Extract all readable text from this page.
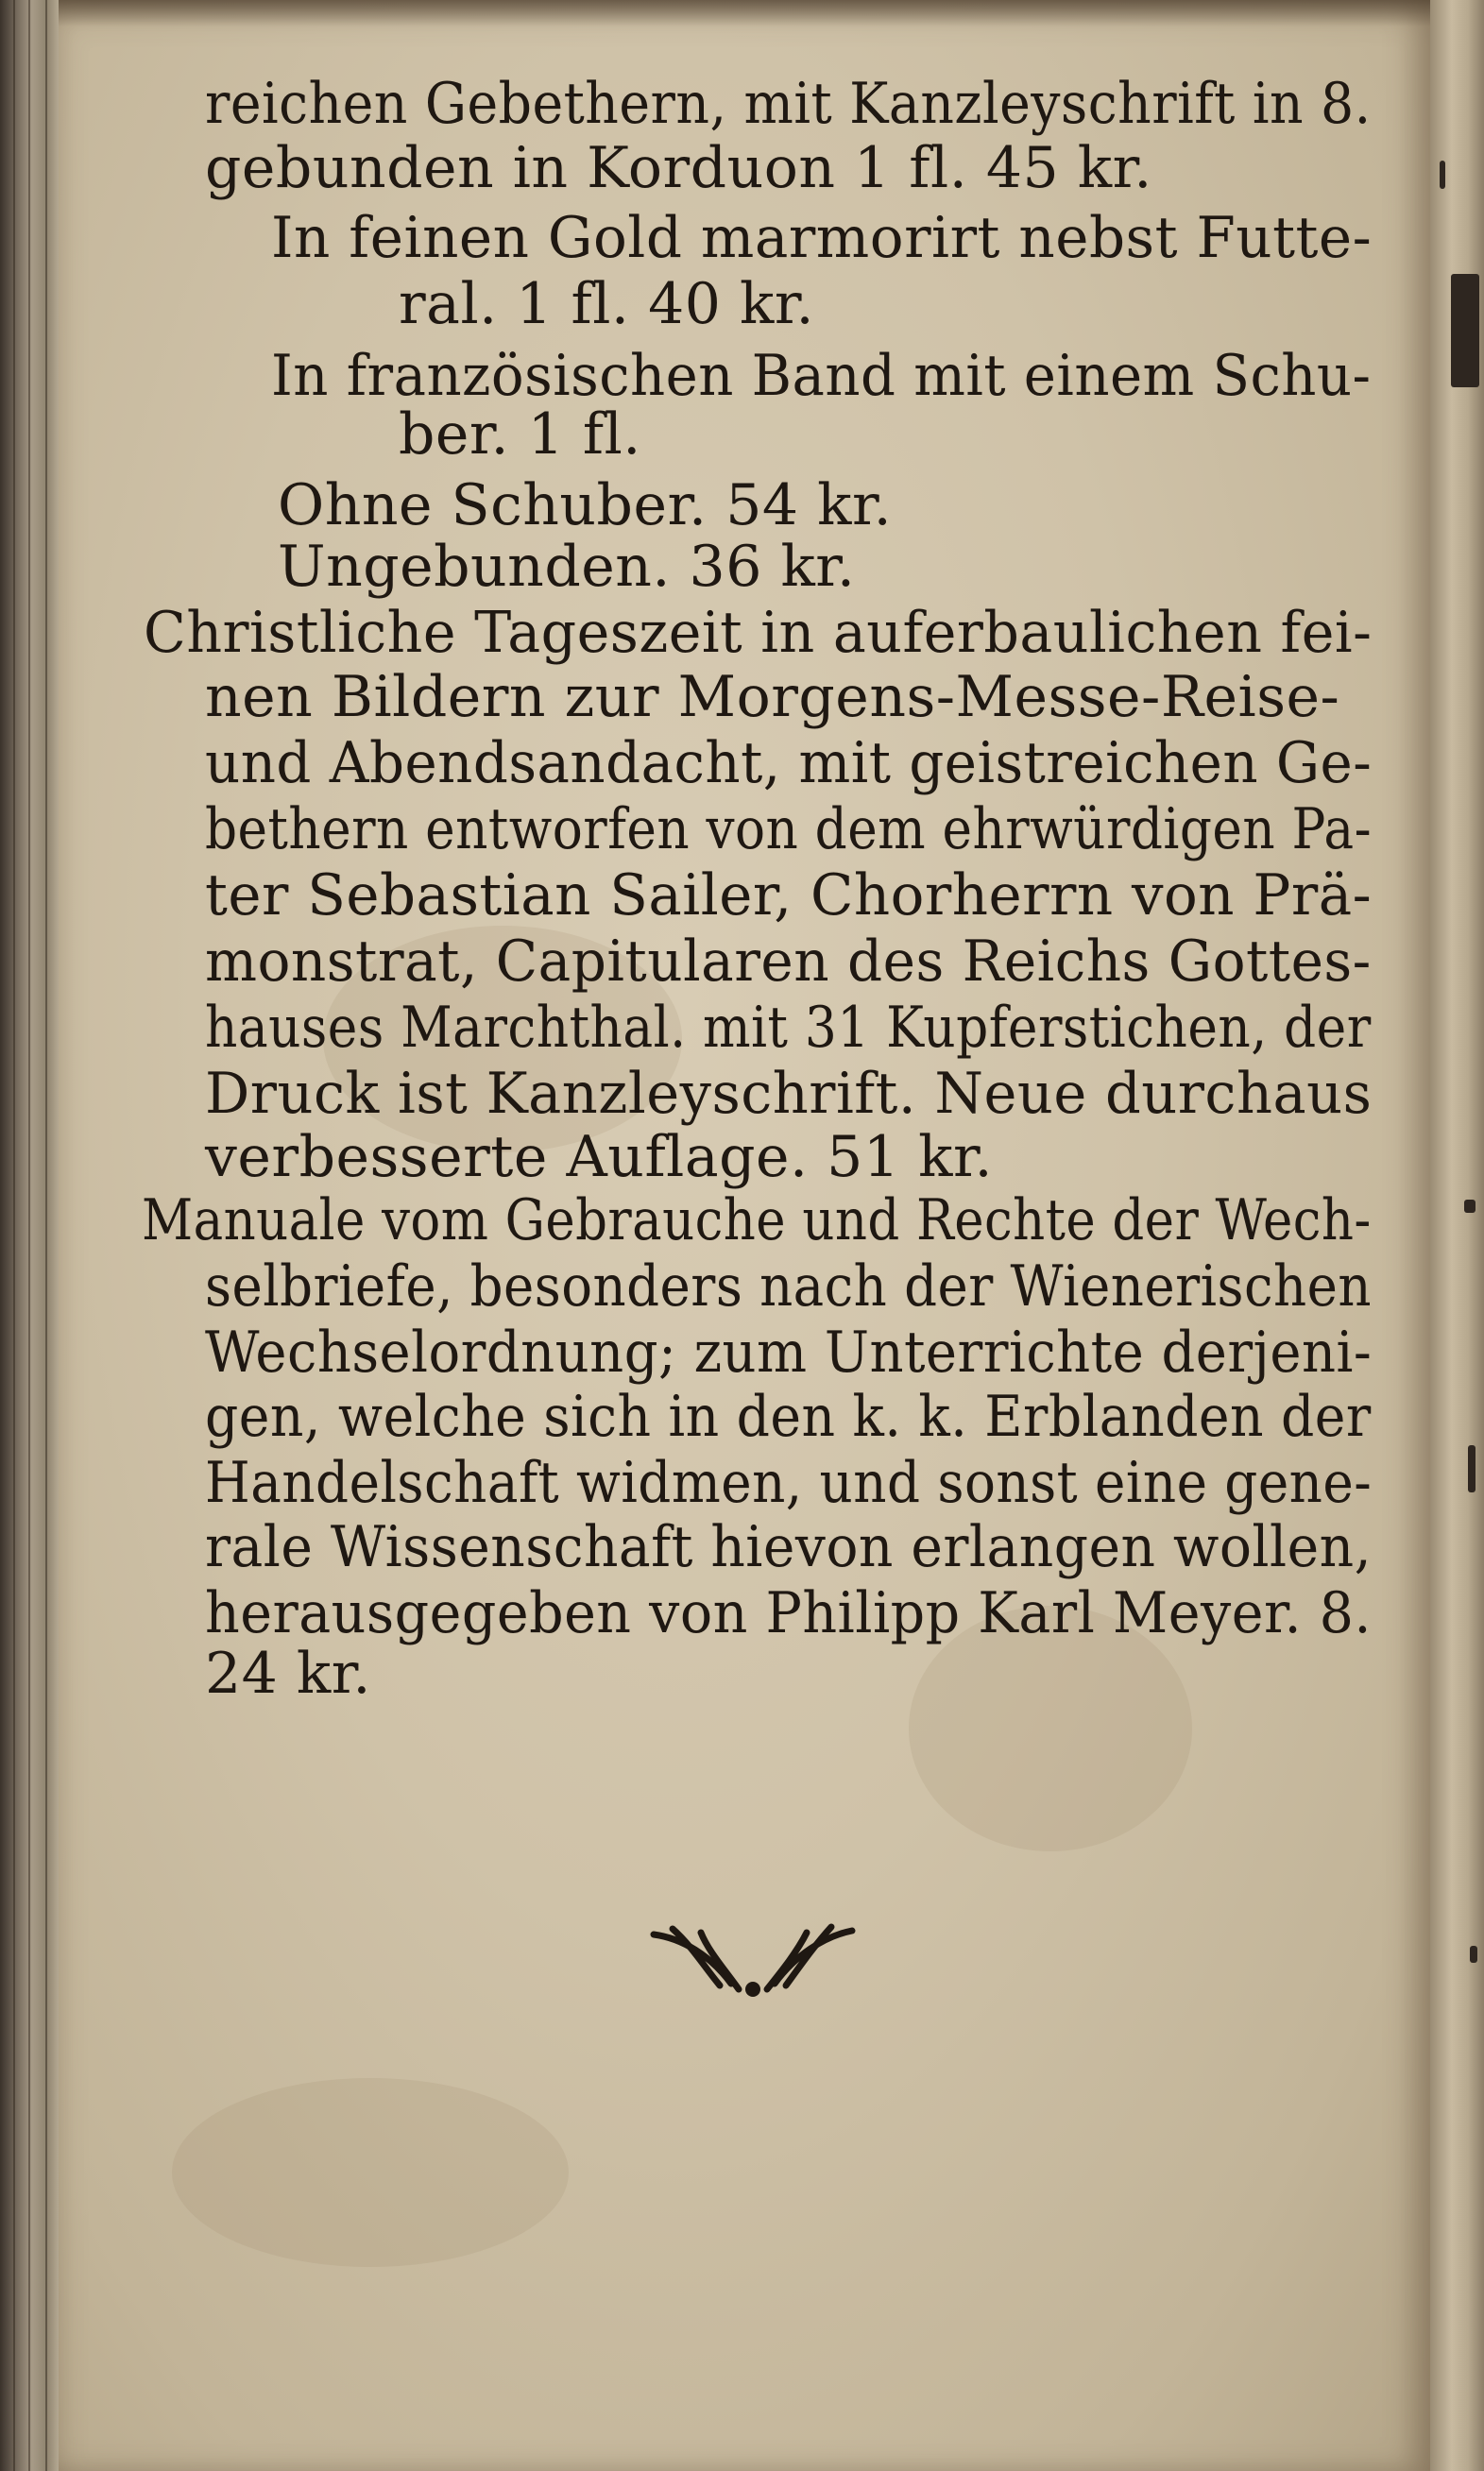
reichen Gebethern, mit Kanzleyschrift in 8.
gebunden in Korduon 1 fl. 45 kr.
In feinen Gold marmorirt nebst Futte-
ral. 1 fl. 40 kr.
In französischen Band mit einem Schu-
ber. 1 fl.
Ohne Schuber. 54 kr.
Ungebunden. 36 kr.
Christliche Tageszeit in auferbaulichen fei-
nen Bildern zur Morgens-Messe-Reise-
und Abendsandacht, mit geistreichen Ge-
bethern entworfen von dem ehrwürdigen Pa-
ter Sebastian Sailer, Chorherrn von Prä-
monstrat, Capitularen des Reichs Gottes-
hauses Marchthal. mit 31 Kupferstichen, der
Druck ist Kanzleyschrift. Neue durchaus
verbesserte Auflage. 51 kr.
Manuale vom Gebrauche und Rechte der Wech-
selbriefe, besonders nach der Wienerischen
Wechselordnung; zum Unterrichte derjeni-
gen, welche sich in den k. k. Erblanden der
Handelschaft widmen, und sonst eine gene-
rale Wissenschaft hievon erlangen wollen,
herausgegeben von Philipp Karl Meyer. 8.
24 kr.
